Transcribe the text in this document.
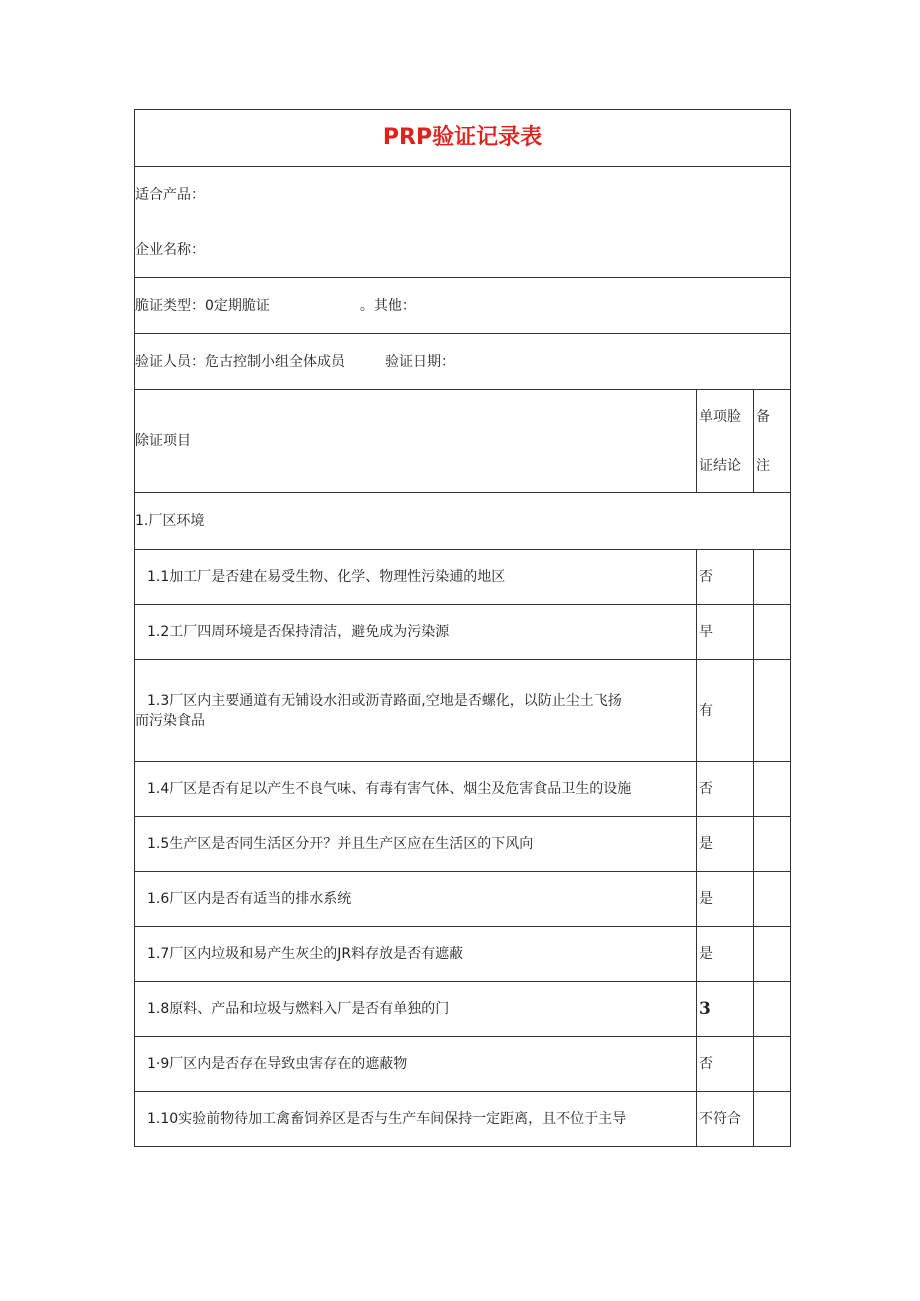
PRP验证记录表		

适合产品：
企业名称：		

脆证类型：0定期脆证 。其他：		
验证人员：危古控制小组全体成员 验证日期：		
除证项目	单项脸
证结论	备
注

1.厂区环境		
1.1加工厂是否建在易受生物、化学、物理性污染逋的地区	否	
1.2工厂四周环境是否保持清洁，避免成为污染源	早	

1.3厂区内主要通道有无铺设水汨或沥青路面,空地是否螺化，以防止尘土飞扬
而污染食品	有	
1.4厂区是否有足以产生不良气味、有毒有害气体、烟尘及危害食品卫生的设施	否	
1.5生产区是否同生活区分开？并且生产区应在生活区的下风向	是	
1.6厂区内是否有适当的排水系统	是	
1.7厂区内垃圾和易产生灰尘的JR料存放是否有遮蔽	是	
1.8原料、产品和垃圾与燃料入厂是否有单独的门	3	
1·9厂区内是否存在导致虫害存在的遮蔽物	否	
1.10实验前物待加工禽畜饲养区是否与生产车间保持一定距离，且不位于主导	不符合	
